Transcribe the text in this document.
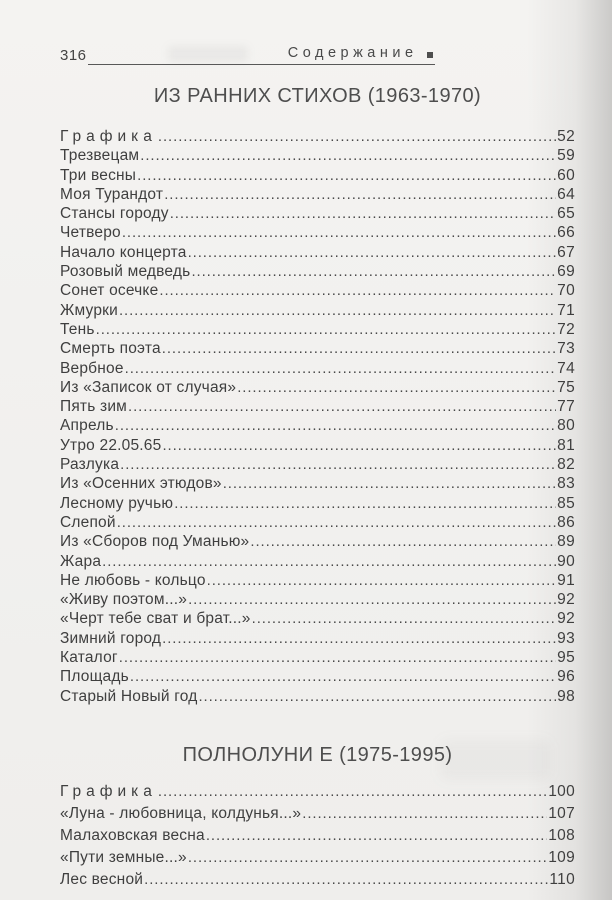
316	Содержание
ИЗ РАННИХ СТИХОВ (1963-1970)
Графика .....	52
Трезвецам .....	59
Три весны .....	60
Моя Турандот .....	64
Стансы городу .....	65
Четверо .....	66
Начало концерта .....	67
Розовый медведь .....	69
Сонет осечке .....	70
Жмурки .....	71
Тень .....	72
Смерть поэта .....	73
Вербное .....	74
Из «Записок от случая» .....	75
Пять зим .....	77
Апрель .....	80
Утро 22.05.65 .....	81
Разлука .....	82
Из «Осенних этюдов» .....	83
Лесному ручью .....	85
Слепой .....	86
Из «Сборов под Уманью» .....	89
Жара .....	90
Не любовь - кольцо .....	91
«Живу поэтом...» .....	92
«Черт тебе сват и брат...» .....	92
Зимний город .....	93
Каталог .....	95
Площадь .....	96
Старый Новый год .....	98
ПОЛНОЛУНИ Е (1975-1995)
Графика .....	100
«Луна - любовница, колдунья...» .....	107
Малаховская весна .....	108
«Пути земные...» .....	109
Лес весной .....	110
